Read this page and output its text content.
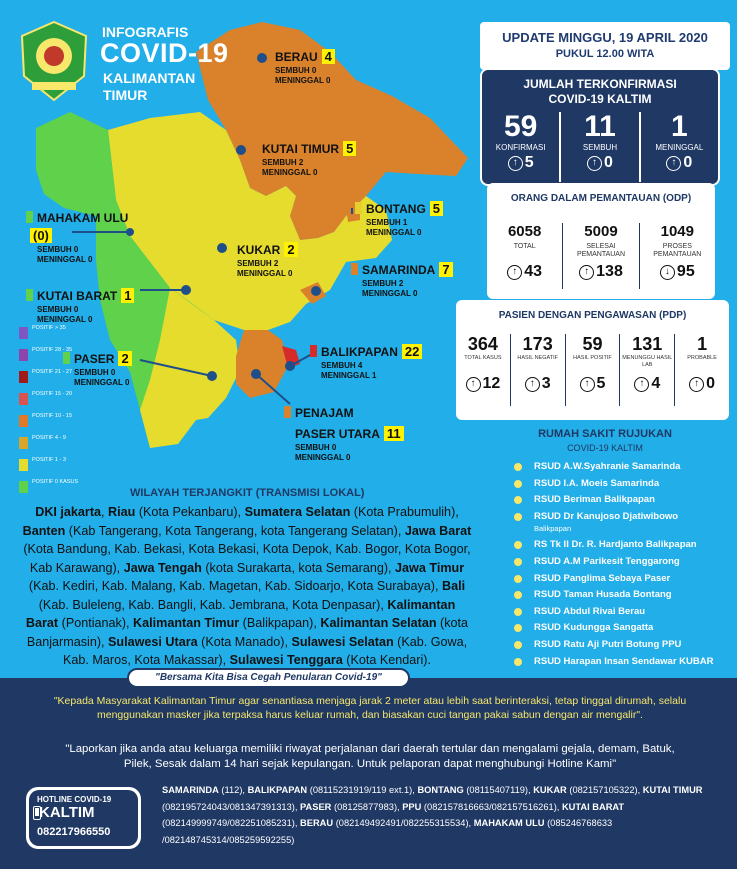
INFOGRAFIS
COVID-19
KALIMANTAN TIMUR
BERAU 4
SEMBUH 0
MENINGGAL 0
KUTAI TIMUR 5
SEMBUH 2
MENINGGAL 0
BONTANG 5
SEMBUH 1
MENINGGAL 0
KUKAR 2
SEMBUH 2
MENINGGAL 0	SAMARINDA 7
SEMBUH 2
MENINGGAL 0
MAHAKAM ULU(0)
SEMBUH 0
MENINGGAL 0
KUTAI BARAT 1
SEMBUH 0
MENINGGAL 0
PASER 2
SEMBUH 0
MENINGGAL 0
BALIKPAPAN 22
SEMBUH 4
MENINGGAL 1
PENAJAM
PASER UTARA 11
SEMBUH 0
MENINGGAL 0
POSITIF > 35
POSITIF 28 - 35
POSITIF 21 - 27
POSITIF 15 - 20
POSITIF 10 - 15
POSITIF 4 - 9
POSITIF 1 - 3
POSITIF 0 KASUS
UPDATE MINGGU, 19 APRIL 2020
PUKUL 12.00 WITA
JUMLAH TERKONFIRMASI
COVID-19 KALTIM
59
KONFIRMASI
↑ 5
11
SEMBUH
↑ 0
1
MENINGGAL
↑ 0
ORANG DALAM PEMANTAUAN (ODP)
6058
TOTAL
↑ 43
5009
SELESAI PEMANTAUAN
↑ 138
1049
PROSES PEMANTAUAN
↓ 95
PASIEN DENGAN PENGAWASAN (PDP)
364
TOTAL KASUS
↑ 12
173
HASIL NEGATIF
↑ 3
59
HASIL POSITIF
↑ 5
131
MENUNGGU HASIL LAB
↑ 4
1
PROBABLE
↑ 0
RUMAH SAKIT RUJUKAN
COVID-19 KALTIM
RSUD A.W.Syahranie Samarinda
RSUD I.A. Moeis Samarinda
RSUD Beriman Balikpapan
RSUD Dr Kanujoso Djatiwibowo
Balikpapan
RS Tk II Dr. R. Hardjanto Balikpapan
RSUD A.M Parikesit Tenggarong
RSUD Panglima Sebaya Paser
RSUD Taman Husada Bontang
RSUD Abdul Rivai Berau
RSUD Kudungga Sangatta
RSUD Ratu Aji Putri Botung PPU
RSUD Harapan Insan Sendawar KUBAR
WILAYAH TERJANGKIT (TRANSMISI LOKAL)
DKI jakarta, Riau (Kota Pekanbaru), Sumatera Selatan (Kota Prabumulih), Banten (Kab Tangerang, Kota Tangerang, kota Tangerang Selatan), Jawa Barat (Kota Bandung, Kab. Bekasi, Kota Bekasi, Kota Depok, Kab. Bogor, Kota Bogor, Kab Karawang), Jawa Tengah (kota Surakarta, kota Semarang), Jawa Timur (Kab. Kediri, Kab. Malang, Kab. Magetan, Kab. Sidoarjo, Kota Surabaya), Bali (Kab. Buleleng, Kab. Bangli, Kab. Jembrana, Kota Denpasar), Kalimantan Barat (Pontianak), Kalimantan Timur (Balikpapan), Kalimantan Selatan (kota Banjarmasin), Sulawesi Utara (Kota Manado), Sulawesi Selatan (Kab. Gowa, Kab. Maros, Kota Makassar), Sulawesi Tenggara (Kota Kendari).
"Bersama Kita Bisa Cegah Penularan Covid-19"
"Kepada Masyarakat Kalimantan Timur agar senantiasa menjaga jarak 2 meter atau lebih saat berinteraksi, tetap tinggal dirumah, selalu menggunakan masker jika terpaksa harus keluar rumah, dan biasakan cuci tangan pakai sabun dengan air mengalir".
"Laporkan jika anda atau keluarga memiliki riwayat perjalanan dari daerah tertular dan mengalami gejala, demam, Batuk, Pilek, Sesak dalam 14 hari sejak kepulangan. Untuk pelaporan dapat menghubungi Hotline Kami"
HOTLINE COVID-19
KALTIM
082217966550
SAMARINDA (112), BALIKPAPAN (08115231919/119 ext.1), BONTANG (08115407119), KUKAR (082157105322), KUTAI TIMUR (082195724043/081347391313), PASER (08125877983), PPU (082157816663/082157516261), KUTAI BARAT (082149999749/082251085231), BERAU (082149492491/082255315534), MAHAKAM ULU (085246768633 /082148745314/085259592255)
